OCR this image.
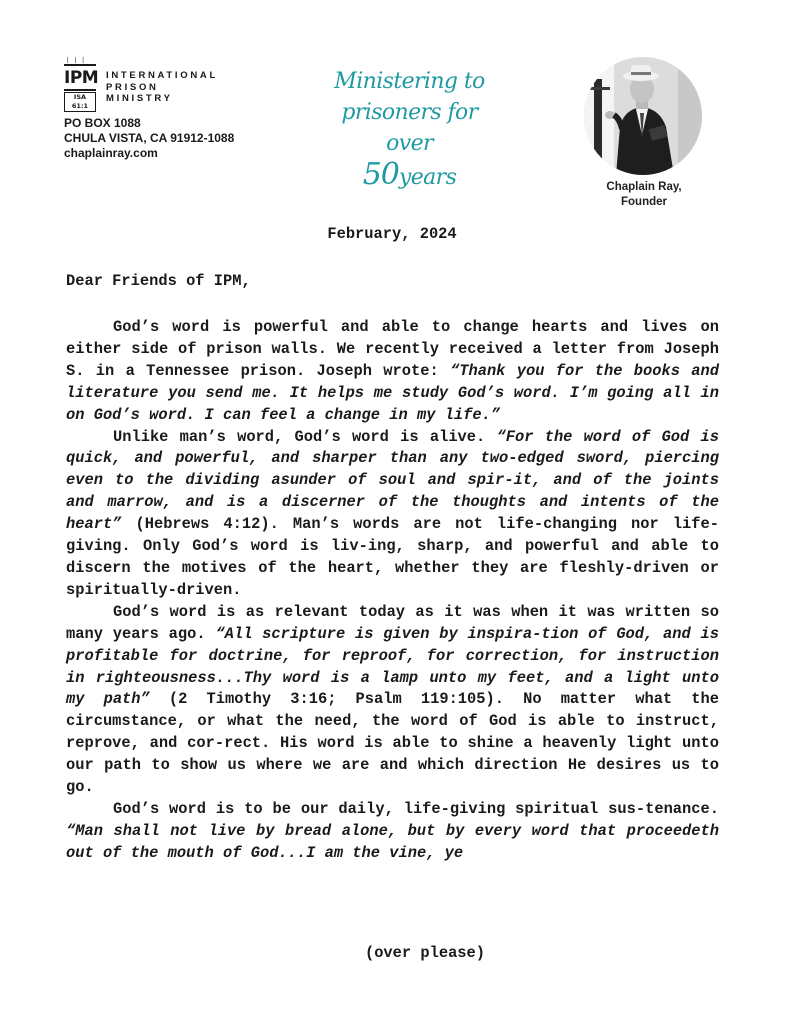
|||
IPM
ISA 61:1
INTERNATIONAL
PRISON
MINISTRY
PO BOX 1088
CHULA VISTA, CA 91912-1088
chaplainray.com
Ministering to
prisoners for over
50years	Chaplain Ray,
Founder
February, 2024
Dear Friends of IPM,

God’s word is powerful and able to change hearts and lives on either side of prison walls. We recently received a letter from Joseph S. in a Tennessee prison. Joseph wrote: “Thank you for the books and literature you send me. It helps me study God’s word. I’m going all in on God’s word. I can feel a change in my life.”

Unlike man’s word, God’s word is alive. “For the word of God is quick, and powerful, and sharper than any two-edged sword, piercing even to the dividing asunder of soul and spir-it, and of the joints and marrow, and is a discerner of the thoughts and intents of the heart” (Hebrews 4:12). Man’s words are not life-changing nor life-giving. Only God’s word is liv-ing, sharp, and powerful and able to discern the motives of the heart, whether they are fleshly-driven or spiritually-driven.

God’s word is as relevant today as it was when it was written so many years ago. “All scripture is given by inspira-tion of God, and is profitable for doctrine, for reproof, for correction, for instruction in righteousness...Thy word is a lamp unto my feet, and a light unto my path” (2 Timothy 3:16; Psalm 119:105). No matter what the circumstance, or what the need, the word of God is able to instruct, reprove, and cor-rect. His word is able to shine a heavenly light unto our path to show us where we are and which direction He desires us to go.

God’s word is to be our daily, life-giving spiritual sus-tenance. “Man shall not live by bread alone, but by every word that proceedeth out of the mouth of God...I am the vine, ye

(over please)
